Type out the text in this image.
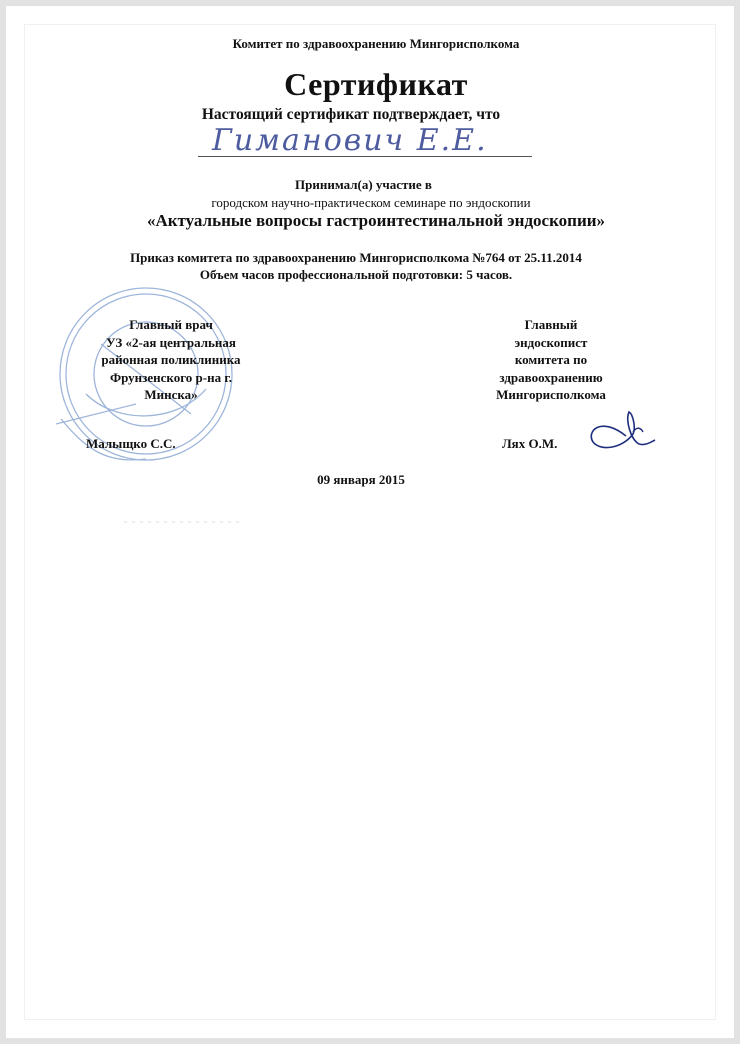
Комитет по здравоохранению Мингорисполкома
Сертификат
Настоящий сертификат подтверждает, что
Гиманович Е.Е.
Принимал(а) участие в
городском научно-практическом семинаре по эндоскопии
«Актуальные вопросы гастроинтестинальной эндоскопии»
Приказ комитета по здравоохранению Мингорисполкома №764 от 25.11.2014
Объем часов профессиональной подготовки: 5 часов.
Главный врач
УЗ «2-ая центральная
районная поликлиника
Фрунзенского р-на г.
Минска»
Главный
эндоскопист
комитета по
здравоохранению
Мингорисполкома
Малыщко С.С.	Лях О.М.
09 января 2015
